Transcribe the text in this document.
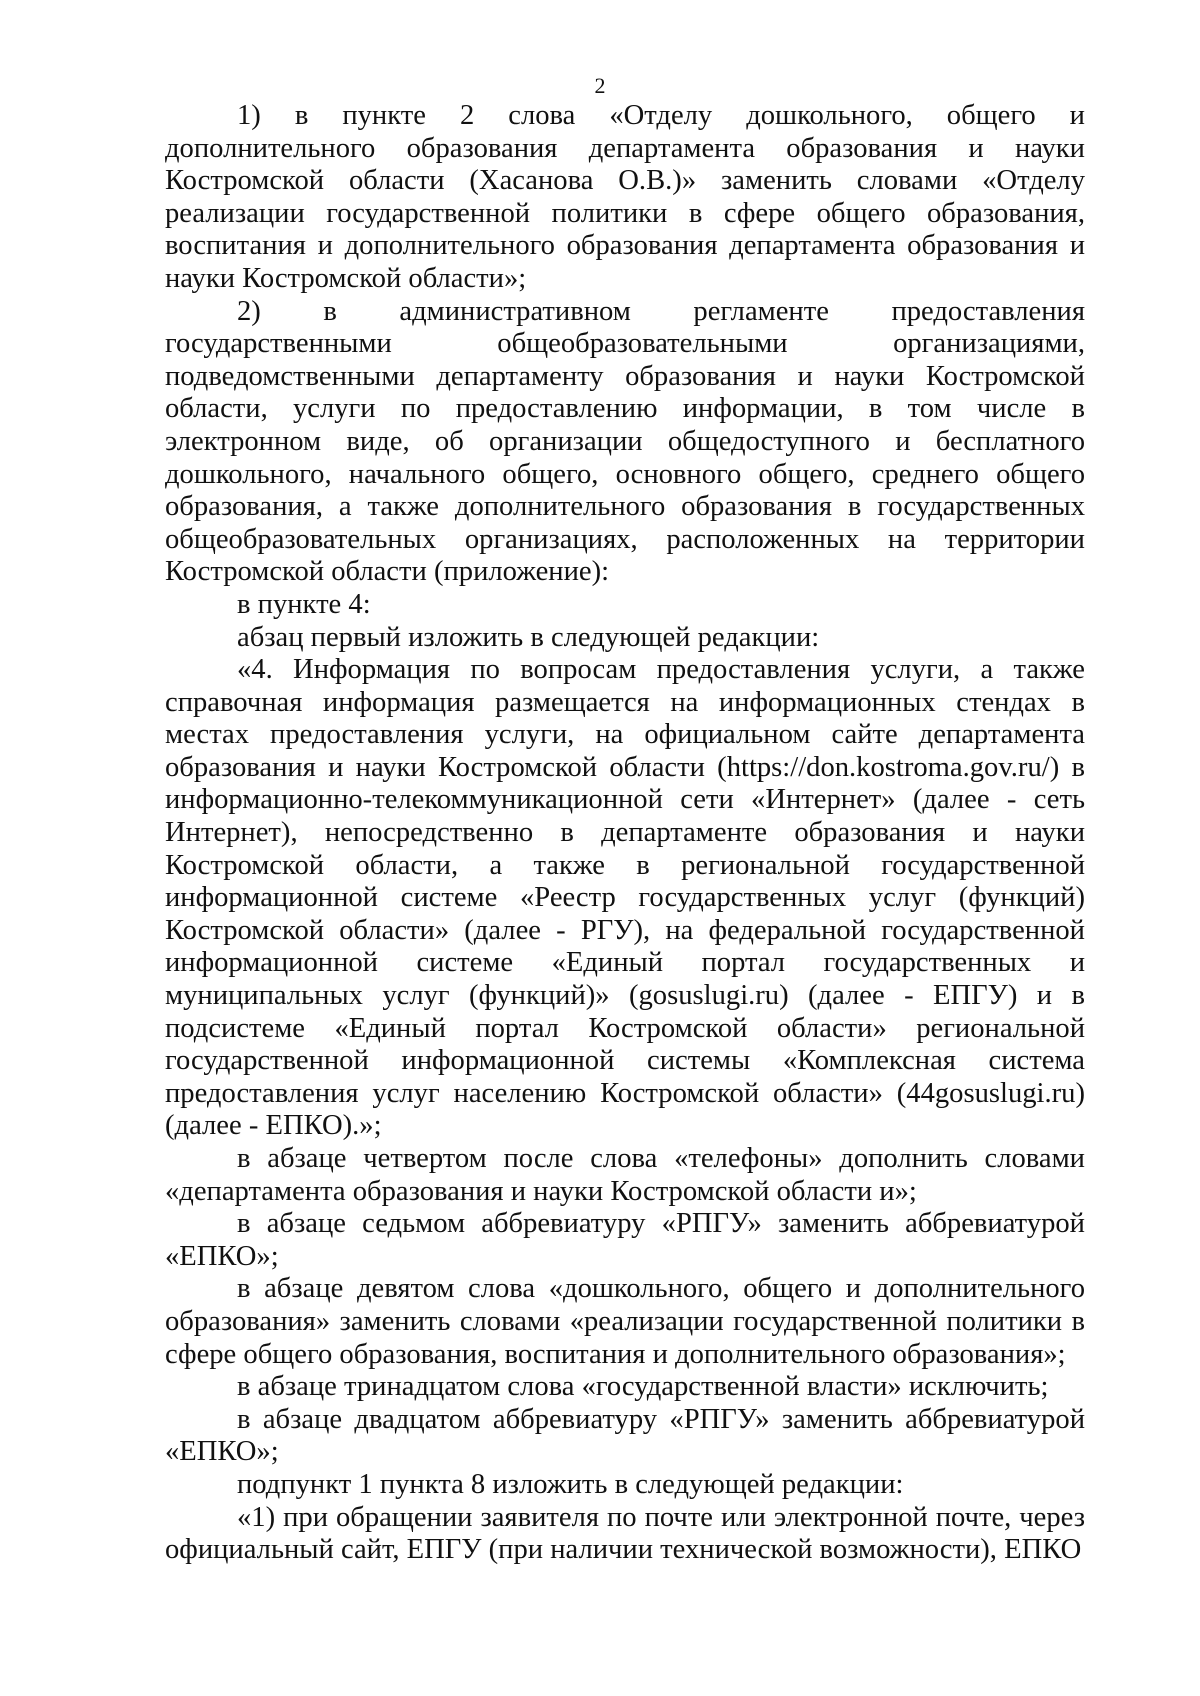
2

1) в пункте 2 слова «Отделу дошкольного, общего и дополнительного образования департамента образования и науки Костромской области (Хасанова О.В.)» заменить словами «Отделу реализации государственной политики в сфере общего образования, воспитания и дополнительного образования департамента образования и науки Костромской области»;

2) в административном регламенте предоставления государственными общеобразовательными организациями, подведомственными департаменту образования и науки Костромской области, услуги по предоставлению информации, в том числе в электронном виде, об организации общедоступного и бесплатного дошкольного, начального общего, основного общего, среднего общего образования, а также дополнительного образования в государственных общеобразовательных организациях, расположенных на территории Костромской области (приложение):

в пункте 4:

абзац первый изложить в следующей редакции:

«4. Информация по вопросам предоставления услуги, а также справочная информация размещается на информационных стендах в местах предоставления услуги, на официальном сайте департамента образования и науки Костромской области (https://don.kostroma.gov.ru/) в информационно-телекоммуникационной сети «Интернет» (далее - сеть Интернет), непосредственно в департаменте образования и науки Костромской области, а также в региональной государственной информационной системе «Реестр государственных услуг (функций) Костромской области» (далее - РГУ), на федеральной государственной информационной системе «Единый портал государственных и муниципальных услуг (функций)» (gosuslugi.ru) (далее - ЕПГУ) и в подсистеме «Единый портал Костромской области» региональной государственной информационной системы «Комплексная система предоставления услуг населению Костромской области» (44gosuslugi.ru) (далее - ЕПКО).»;

в абзаце четвертом после слова «телефоны» дополнить словами «департамента образования и науки Костромской области и»;

в абзаце седьмом аббревиатуру «РПГУ» заменить аббревиатурой «ЕПКО»;

в абзаце девятом слова «дошкольного, общего и дополнительного образования» заменить словами «реализации государственной политики в сфере общего образования, воспитания и дополнительного образования»;

в абзаце тринадцатом слова «государственной власти» исключить;

в абзаце двадцатом аббревиатуру «РПГУ» заменить аббревиатурой «ЕПКО»;

подпункт 1 пункта 8 изложить в следующей редакции:

«1) при обращении заявителя по почте или электронной почте, через официальный сайт, ЕПГУ (при наличии технической возможности), ЕПКО
